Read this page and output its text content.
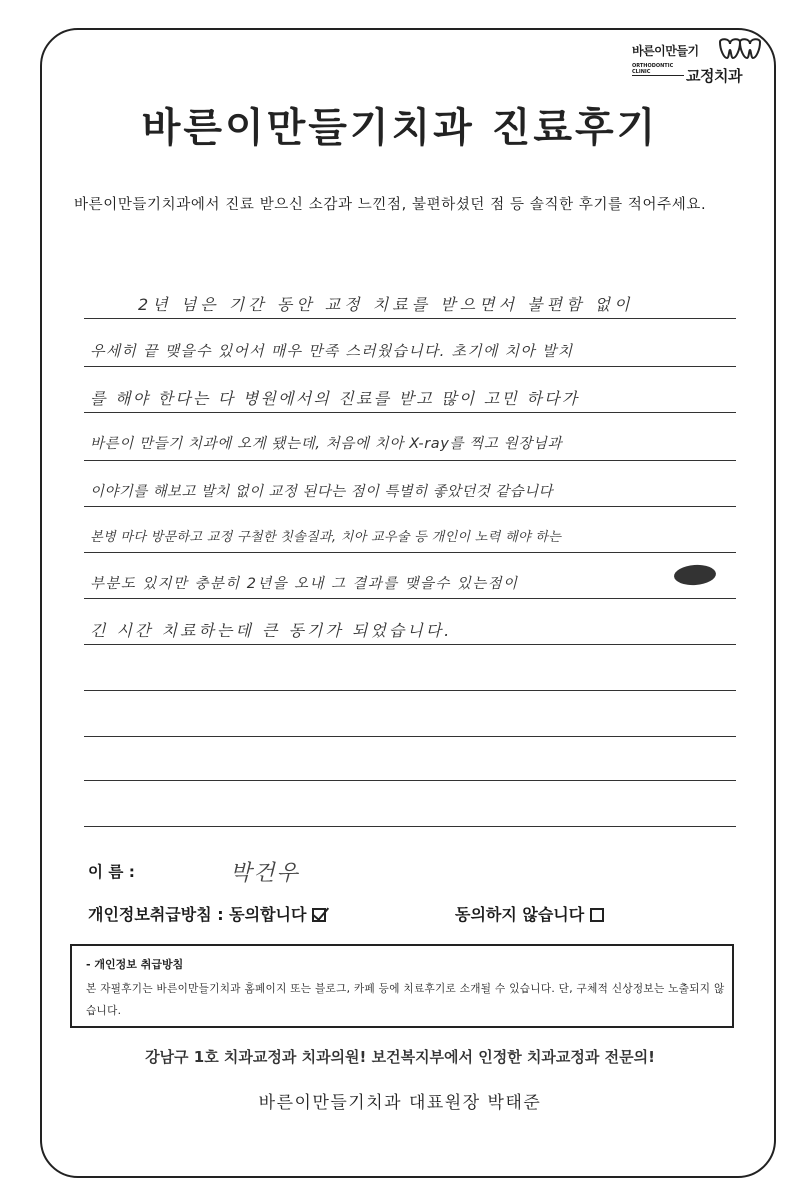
바른이만들기
ORTHODONTIC CLINIC	교정치과
바른이만들기치과 진료후기
바른이만들기치과에서 진료 받으신 소감과 느낀점, 불편하셨던 점 등 솔직한 후기를 적어주세요.
2년 넘은 기간 동안 교정 치료를 받으면서 불편함 없이
우세히 끝 맺을수 있어서 매우 만족 스러웠습니다. 초기에 치아 발치
를 해야 한다는 다 병원에서의 진료를 받고 많이 고민 하다가
바른이 만들기 치과에 오게 됐는데, 처음에 치아 X-ray를 찍고 원장님과
이야기를 해보고 발치 없이 교정 된다는 점이 특별히 좋았던것 같습니다
본병 마다 방문하고 교정 구철한 칫솔질과, 치아 교우술 등 개인이 노력 해야 하는
부분도 있지만 충분히 2년을 오내 그 결과를 맺을수 있는점이
긴 시간 치료하는데 큰 동기가 되었습니다.
이 름 :	박건우
개인정보취급방침 : 동의합니다	동의하지 않습니다
- 개인정보 취급방침
본 자필후기는 바른이만들기치과 홈페이지 또는 블로그, 카페 등에 치료후기로 소개될 수 있습니다. 단, 구체적 신상정보는 노출되지 않습니다.
강남구 1호 치과교정과 치과의원! 보건복지부에서 인정한 치과교정과 전문의!
바른이만들기치과 대표원장 박태준
